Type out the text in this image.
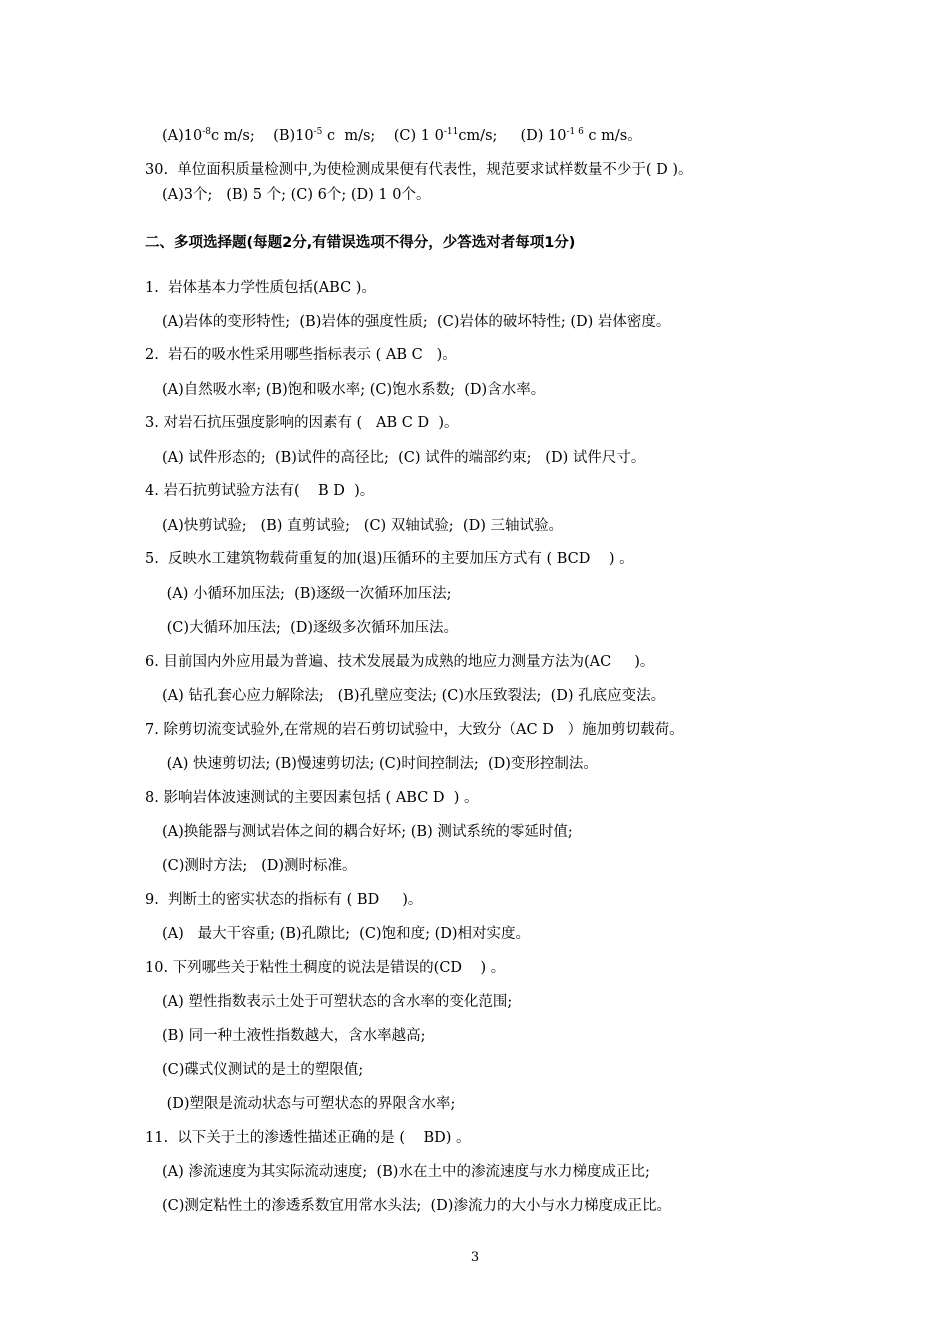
$(A)10^{-8}c$ m/s;    $(B)10^{-5}$ c  m/s;    (C) 1 $0^{-11}cm/s$;     (D) $10^{-1 6}$ c m/s。
30.  单位面积质量检测中,为使检测成果便有代表性，规范要求试样数量不少于( D )。
(A)3个;   (B) 5 个; (C) 6个; (D) 1 0个。
二、多项选择题(每题2分,有错误选项不得分，少答选对者每项1分)
1.  岩体基本力学性质包括(ABC )。
(A)岩体的变形特性;  (B)岩体的强度性质;  (C)岩体的破坏特性; (D) 岩体密度。
2.  岩石的吸水性采用哪些指标表示 ( AB C   )。
(A)自然吸水率; (B)饱和吸水率; (C)饱水系数;  (D)含水率。
3. 对岩石抗压强度影响的因素有 (   AB C D  )。
(A) 试件形态的;  (B)试件的高径比;  (C) 试件的端部约束;   (D) 试件尺寸。
4. 岩石抗剪试验方法有(    B D  )。
(A)快剪试验;   (B) 直剪试验;   (C) 双轴试验;  (D) 三轴试验。
5.  反映水工建筑物载荷重复的加(退)压循环的主要加压方式有 ( BCD    ) 。
(A) 小循环加压法;  (B)逐级一次循环加压法;
(C)大循环加压法;  (D)逐级多次循环加压法。
6. 目前国内外应用最为普遍、技术发展最为成熟的地应力测量方法为(AC     )。
(A) 钻孔套心应力解除法;   (B)孔壁应变法; (C)水压致裂法;  (D) 孔底应变法。
7. 除剪切流变试验外,在常规的岩石剪切试验中，大致分（AC D   ）施加剪切载荷。
(A) 快速剪切法; (B)慢速剪切法; (C)时间控制法;  (D)变形控制法。
8. 影响岩体波速测试的主要因素包括 ( ABC D  ) 。
(A)换能器与测试岩体之间的耦合好坏; (B) 测试系统的零延时值;
(C)测时方法;   (D)测时标准。
9.  判断土的密实状态的指标有 ( BD     )。
(A)   最大干容重; (B)孔隙比;  (C)饱和度; (D)相对实度。
10. 下列哪些关于粘性土稠度的说法是错误的(CD    ) 。
(A) 塑性指数表示土处于可塑状态的含水率的变化范围;
(B) 同一种土液性指数越大，含水率越高;
(C)碟式仪测试的是土的塑限值;
(D)塑限是流动状态与可塑状态的界限含水率;
11.  以下关于土的渗透性描述正确的是 (    BD) 。
(A) 渗流速度为其实际流动速度;  (B)水在土中的渗流速度与水力梯度成正比;
(C)测定粘性土的渗透系数宜用常水头法;  (D)渗流力的大小与水力梯度成正比。
3
